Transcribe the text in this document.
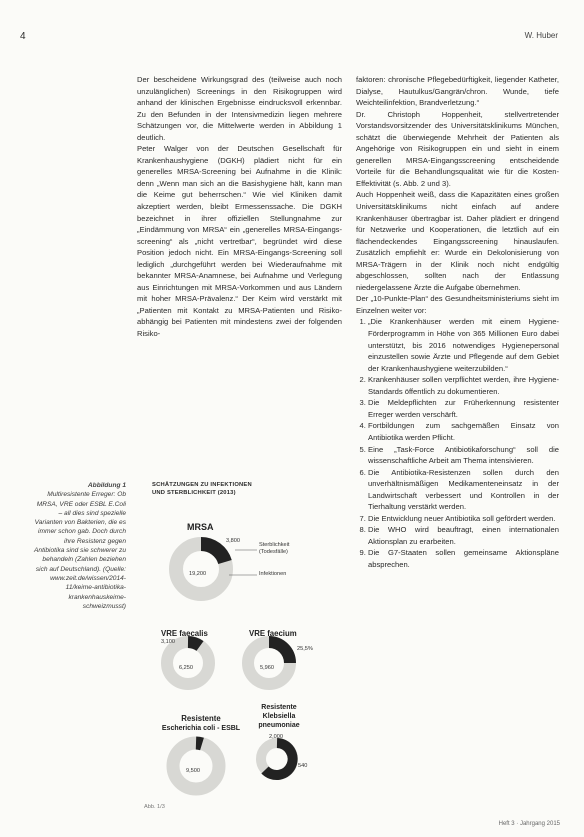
4	W. Huber

Der bescheidene Wirkungsgrad des (teilweise auch noch unzulänglichen) Screenings in den Risikogruppen wird anhand der klinischen Ergebnisse eindrucksvoll erkennbar. Zu den Befunden in der Intensivmedizin liegen mehrere Schätzungen vor, die Mittelwerte werden in Abbildung 1 deutlich.

Peter Walger von der Deutschen Gesellschaft für Krankenhaushygiene (DGKH) plädiert nicht für ein generelles MRSA-Screening bei Aufnahme in die Klinik: denn „Wenn man sich an die Basishygiene hält, kann man die Keime gut beherrschen.“ Wie viel Kliniken damit akzeptiert werden, bleibt Ermessenssache. Die DGKH bezeichnet in ihrer offiziellen Stellungnahme zur „Eindämmung von MRSA“ ein „generelles MRSA-Eingangs-screening“ als „nicht vertretbar“, begründet wird diese Position jedoch nicht. Ein MRSA-Eingangs-Screening soll lediglich „durchgeführt werden bei Wiederaufnahme mit bekannter MRSA-Anamnese, bei Aufnahme und Verlegung aus Einrichtungen mit MRSA-Vorkommen und aus Ländern mit hoher MRSA-Prävalenz.“ Der Keim wird verstärkt mit „Patienten mit Kontakt zu MRSA-Patienten und Risiko-abhängig bei Patienten mit mindestens zwei der folgenden Risiko-

faktoren: chronische Pflegebedürftigkeit, liegender Katheter, Dialyse, Hautulkus/Gangrän/chron. Wunde, tiefe Weichteilinfektion, Brandverletzung.“

Dr. Christoph Hoppenheit, stellvertretender Vorstandsvorsitzender des Universitätsklinikums München, schätzt die überwiegende Mehrheit der Patienten als Angehörige von Risikogruppen ein und sieht in einem generellen MRSA-Eingangsscreening entscheidende Vorteile für die Behandlungsqualität wie für die Kosten-Effektivität (s. Abb. 2 und 3).

Auch Hoppenheit weiß, dass die Kapazitäten eines großen Universitätsklinikums nicht einfach auf andere Krankenhäuser übertragbar ist. Daher plädiert er dringend für Netzwerke und Kooperationen, die letztlich auf ein flächendeckendes Eingangsscreening hinauslaufen. Zusätzlich empfiehlt er: Wurde ein Dekolonisierung von MRSA-Trägern in der Klinik noch nicht endgültig abgeschlossen, sollten nach der Entlassung niedergelassene Ärzte die Aufgabe übernehmen.

Der „10-Punkte-Plan“ des Gesundheitsministeriums sieht im Einzelnen weiter vor:

1. „Die Krankenhäuser werden mit einem Hygiene-Förderprogramm in Höhe von 365 Millionen Euro dabei unterstützt, bis 2016 notwendiges Hygienepersonal einzustellen sowie Ärzte und Pflegende auf dem Gebiet der Krankenhaushygiene weiterzubilden.“
2. Krankenhäuser sollen verpflichtet werden, ihre Hygiene-Standards öffentlich zu dokumentieren.
3. Die Meldepflichten zur Früherkennung resistenter Erreger werden verschärft.
4. Fortbildungen zum sachgemäßen Einsatz von Antibiotika werden Pflicht.
5. Eine „Task-Force Antibiotikaforschung“ soll die wissenschaftliche Arbeit am Thema intensivieren.
6. Die Antibiotika-Resistenzen sollen durch den unverhältnismäßigen Medikamenteneinsatz in der Landwirtschaft verbessert und Kontrollen in der Tierhaltung verstärkt werden.
7. Die Entwicklung neuer Antibiotika soll gefördert werden.
8. Die WHO wird beauftragt, einen internationalen Aktionsplan zu erarbeiten.
9. Die G7-Staaten sollen gemeinsame Aktionspläne absprechen.
Abbildung 1
Multiresistente Erreger: Ob MRSA, VRE oder ESBL E.Coli – all dies sind spezielle Varianten von Bakterien, die es immer schon gab. Doch durch ihre Resistenz gegen Antibiotika sind sie schwerer zu behandeln (Zahlen beziehen sich auf Deutschland). (Quelle: www.zeit.de/wissen/2014-11/keime-antibiotika-krankenhauskeime-schweizmusst)

SCHÄTZUNGEN ZU INFEKTIONEN

UND STERBLICHKEIT (2013)

MRSA
3,800
Sterblichkeit (Todesfälle)
19,200	Infektionen
VRE faecalis
3,100
6,250
VRE faecium
25,5%
5,960
Resistente
Escherichia coli - ESBL
9,500
Resistente
Klebsiella
pneumoniae
2,000
540
Abb. 1/3
Heft 3 · Jahrgang 2015
